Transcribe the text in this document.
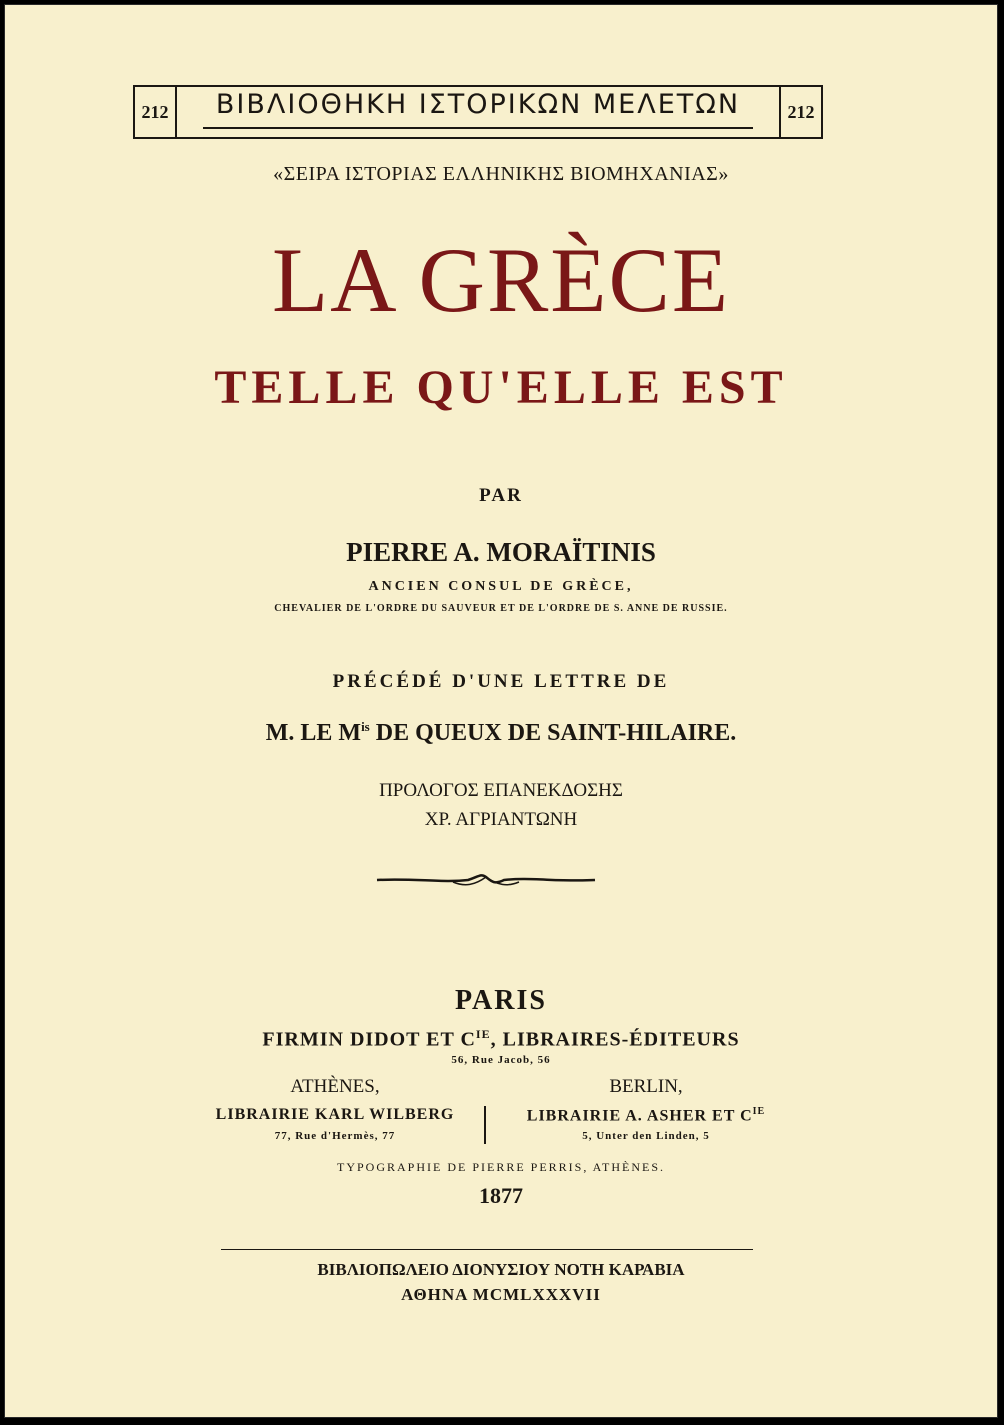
212	212
ΒΙΒΛΙΟΘΗΚΗ ΙΣΤΟΡΙΚΩΝ ΜΕΛΕΤΩΝ
«ΣΕΙΡΑ ΙΣΤΟΡΙΑΣ ΕΛΛΗΝΙΚΗΣ ΒΙΟΜΗΧΑΝΙΑΣ»
LA GRÈCE
TELLE QU'ELLE EST
PAR
PIERRE A. MORAÏTINIS
ANCIEN CONSUL DE GRÈCE,
CHEVALIER DE L'ORDRE DU SAUVEUR ET DE L'ORDRE DE S. ANNE DE RUSSIE.
PRÉCÉDÉ D'UNE LETTRE DE
M. LE $M^{is}$ DE QUEUX DE SAINT-HILAIRE.
ΠΡΟΛΟΓΟΣ ΕΠΑΝΕΚΔΟΣΗΣ
ΧΡ. ΑΓΡΙΑΝΤΩΝΗ
PARIS
FIRMIN DIDOT ET $C^{IE}$, LIBRAIRES-ÉDITEURS
56, Rue Jacob, 56
ATHÈNES,	BERLIN,
LIBRAIRIE KARL WILBERG	LIBRAIRIE A. ASHER ET $C^{IE}$
77, Rue d'Hermès, 77	5, Unter den Linden, 5
TYPOGRAPHIE DE PIERRE PERRIS, ATHÈNES.
1877
ΒΙΒΛΙΟΠΩΛΕΙΟ ΔΙΟΝΥΣΙΟΥ ΝΟΤΗ ΚΑΡΑΒΙΑ
ΑΘΗΝΑ MCMLXXXVII
